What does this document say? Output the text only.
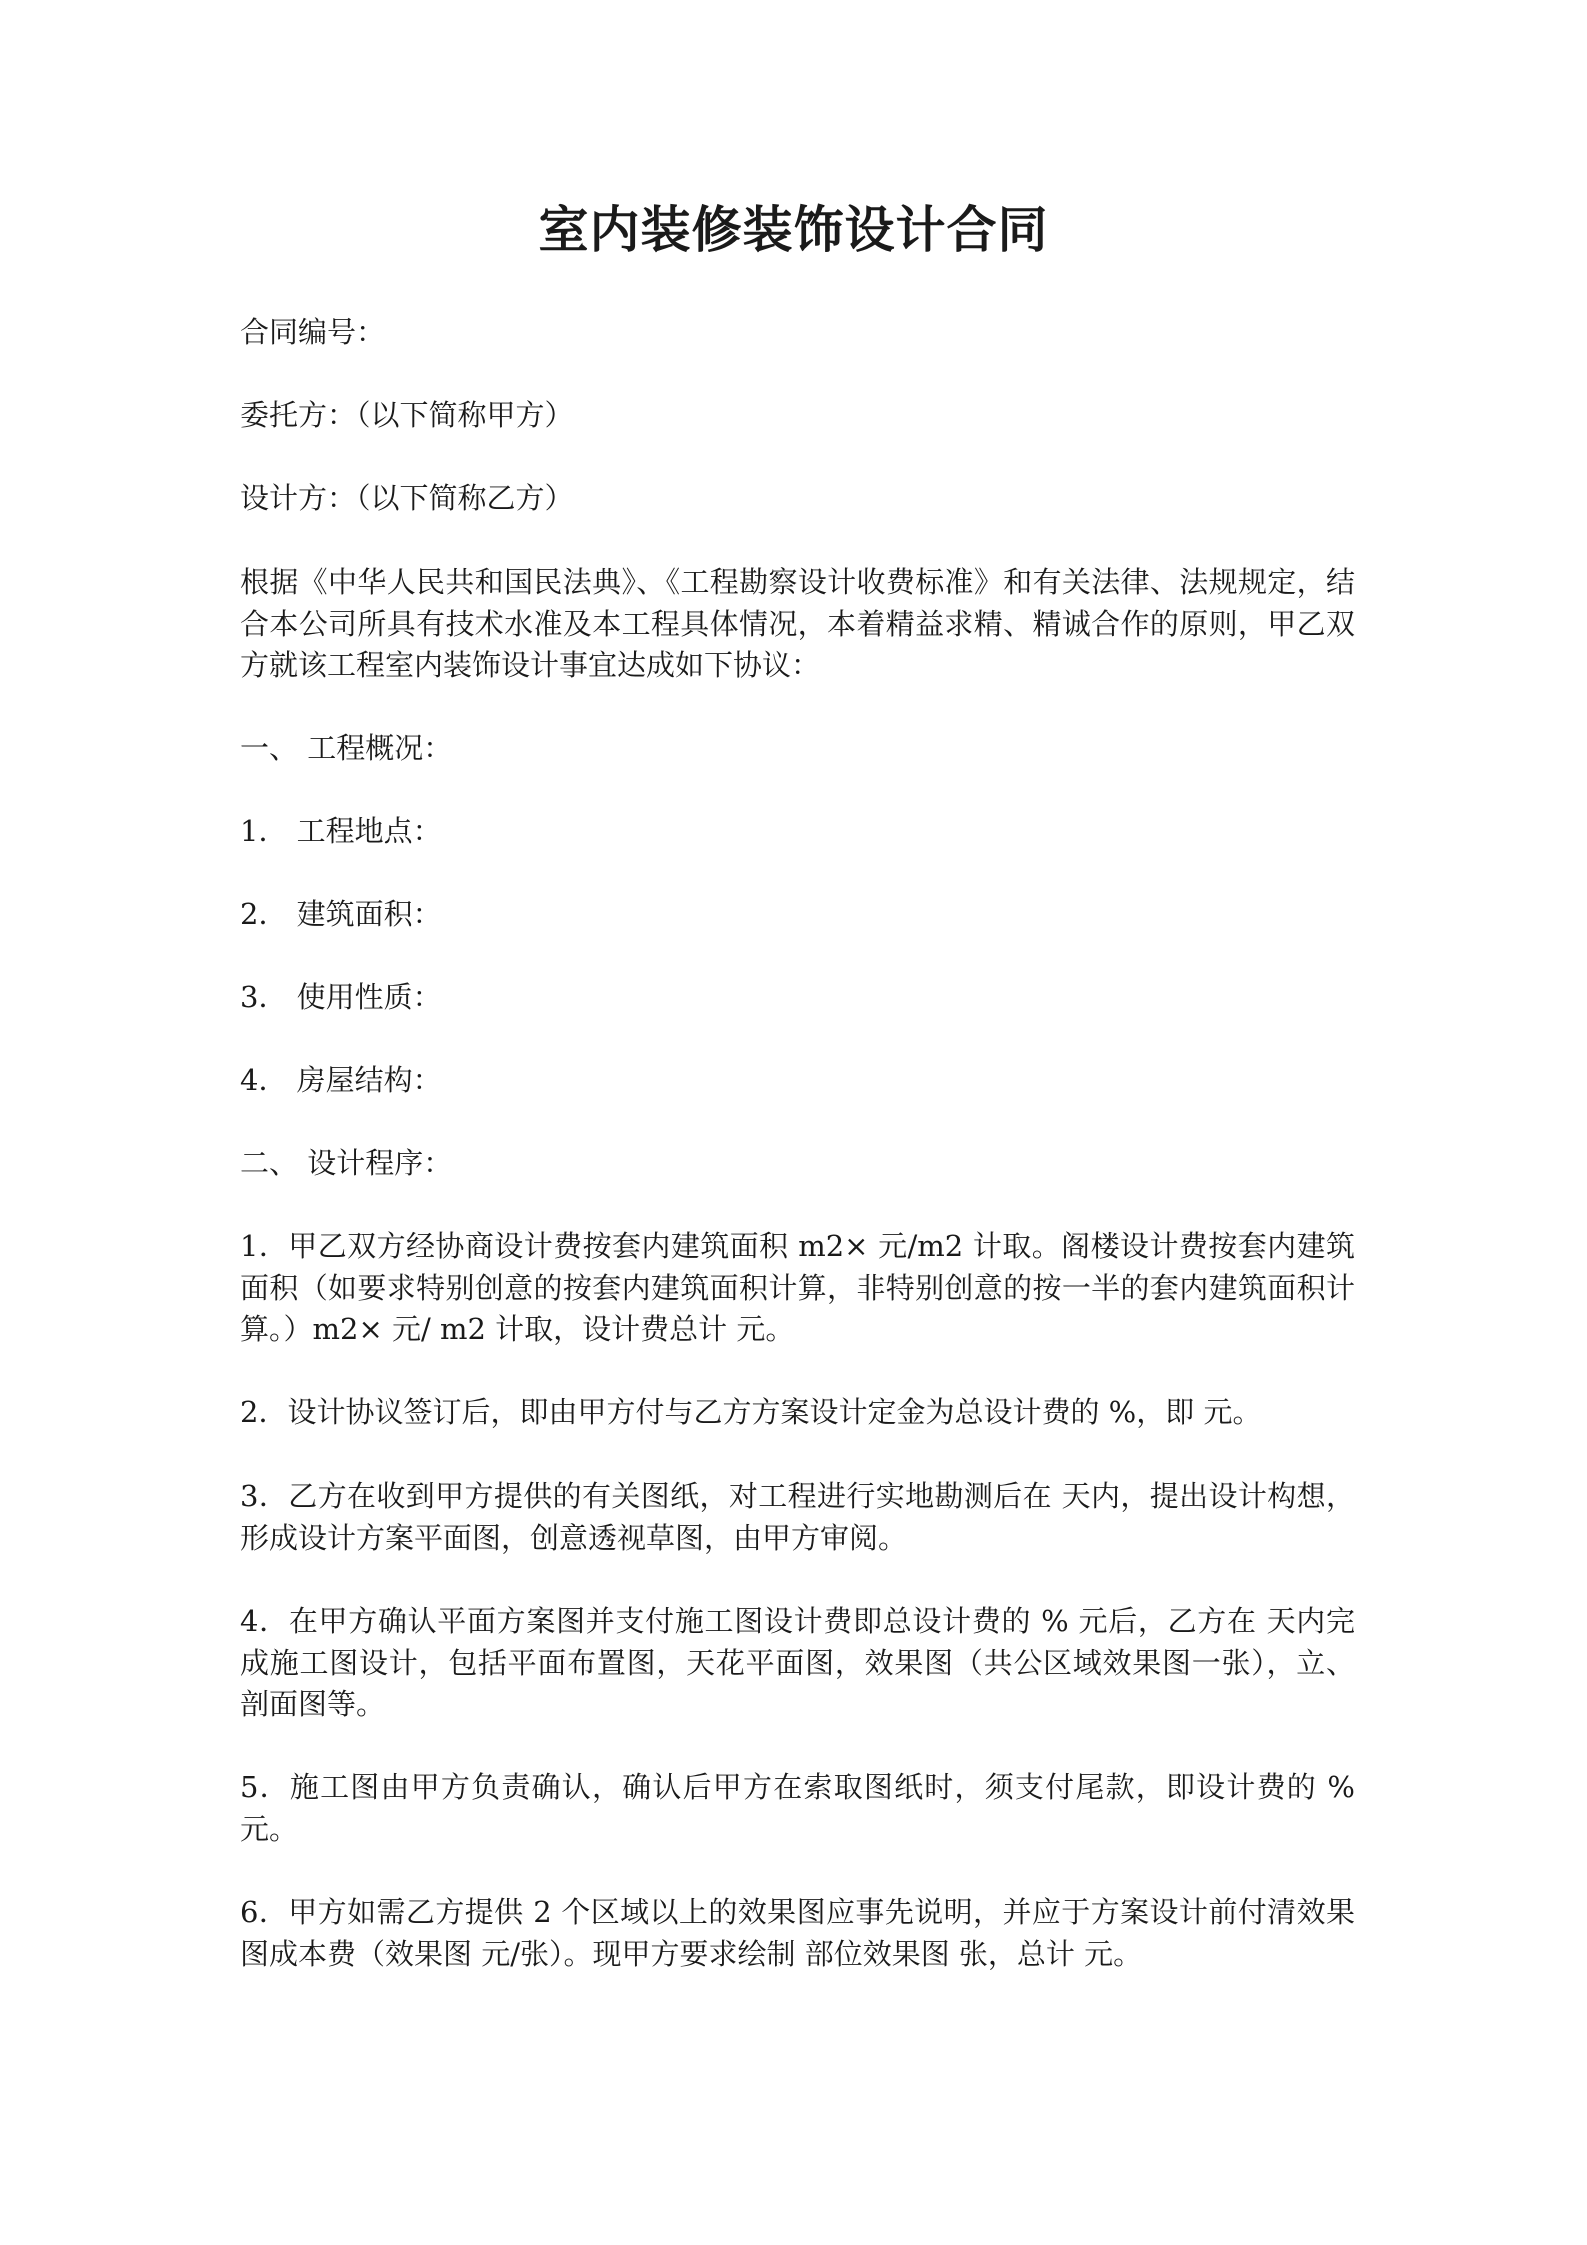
室内装修装饰设计合同

合同编号：

委托方：（以下简称甲方）

设计方：（以下简称乙方）

根据《中华人民共和国民法典》、《工程勘察设计收费标准》和有关法律、法规规定，结合本公司所具有技术水准及本工程具体情况，本着精益求精、精诚合作的原则，甲乙双方就该工程室内装饰设计事宜达成如下协议：

一、 工程概况：

1． 工程地点：

2． 建筑面积：

3． 使用性质：

4． 房屋结构：

二、 设计程序：

1．甲乙双方经协商设计费按套内建筑面积 m2× 元/m2 计取。阁楼设计费按套内建筑面积（如要求特别创意的按套内建筑面积计算，非特别创意的按一半的套内建筑面积计算。）m2× 元/ m2 计取，设计费总计 元。

2．设计协议签订后，即由甲方付与乙方方案设计定金为总设计费的 %，即 元。

3．乙方在收到甲方提供的有关图纸，对工程进行实地勘测后在 天内，提出设计构想，形成设计方案平面图，创意透视草图，由甲方审阅。

4．在甲方确认平面方案图并支付施工图设计费即总设计费的 % 元后，乙方在 天内完成施工图设计，包括平面布置图，天花平面图，效果图（共公区域效果图一张），立、剖面图等。

5．施工图由甲方负责确认，确认后甲方在索取图纸时，须支付尾款，即设计费的 % 元。

6．甲方如需乙方提供 2 个区域以上的效果图应事先说明，并应于方案设计前付清效果图成本费（效果图 元/张）。现甲方要求绘制 部位效果图 张，总计 元。
